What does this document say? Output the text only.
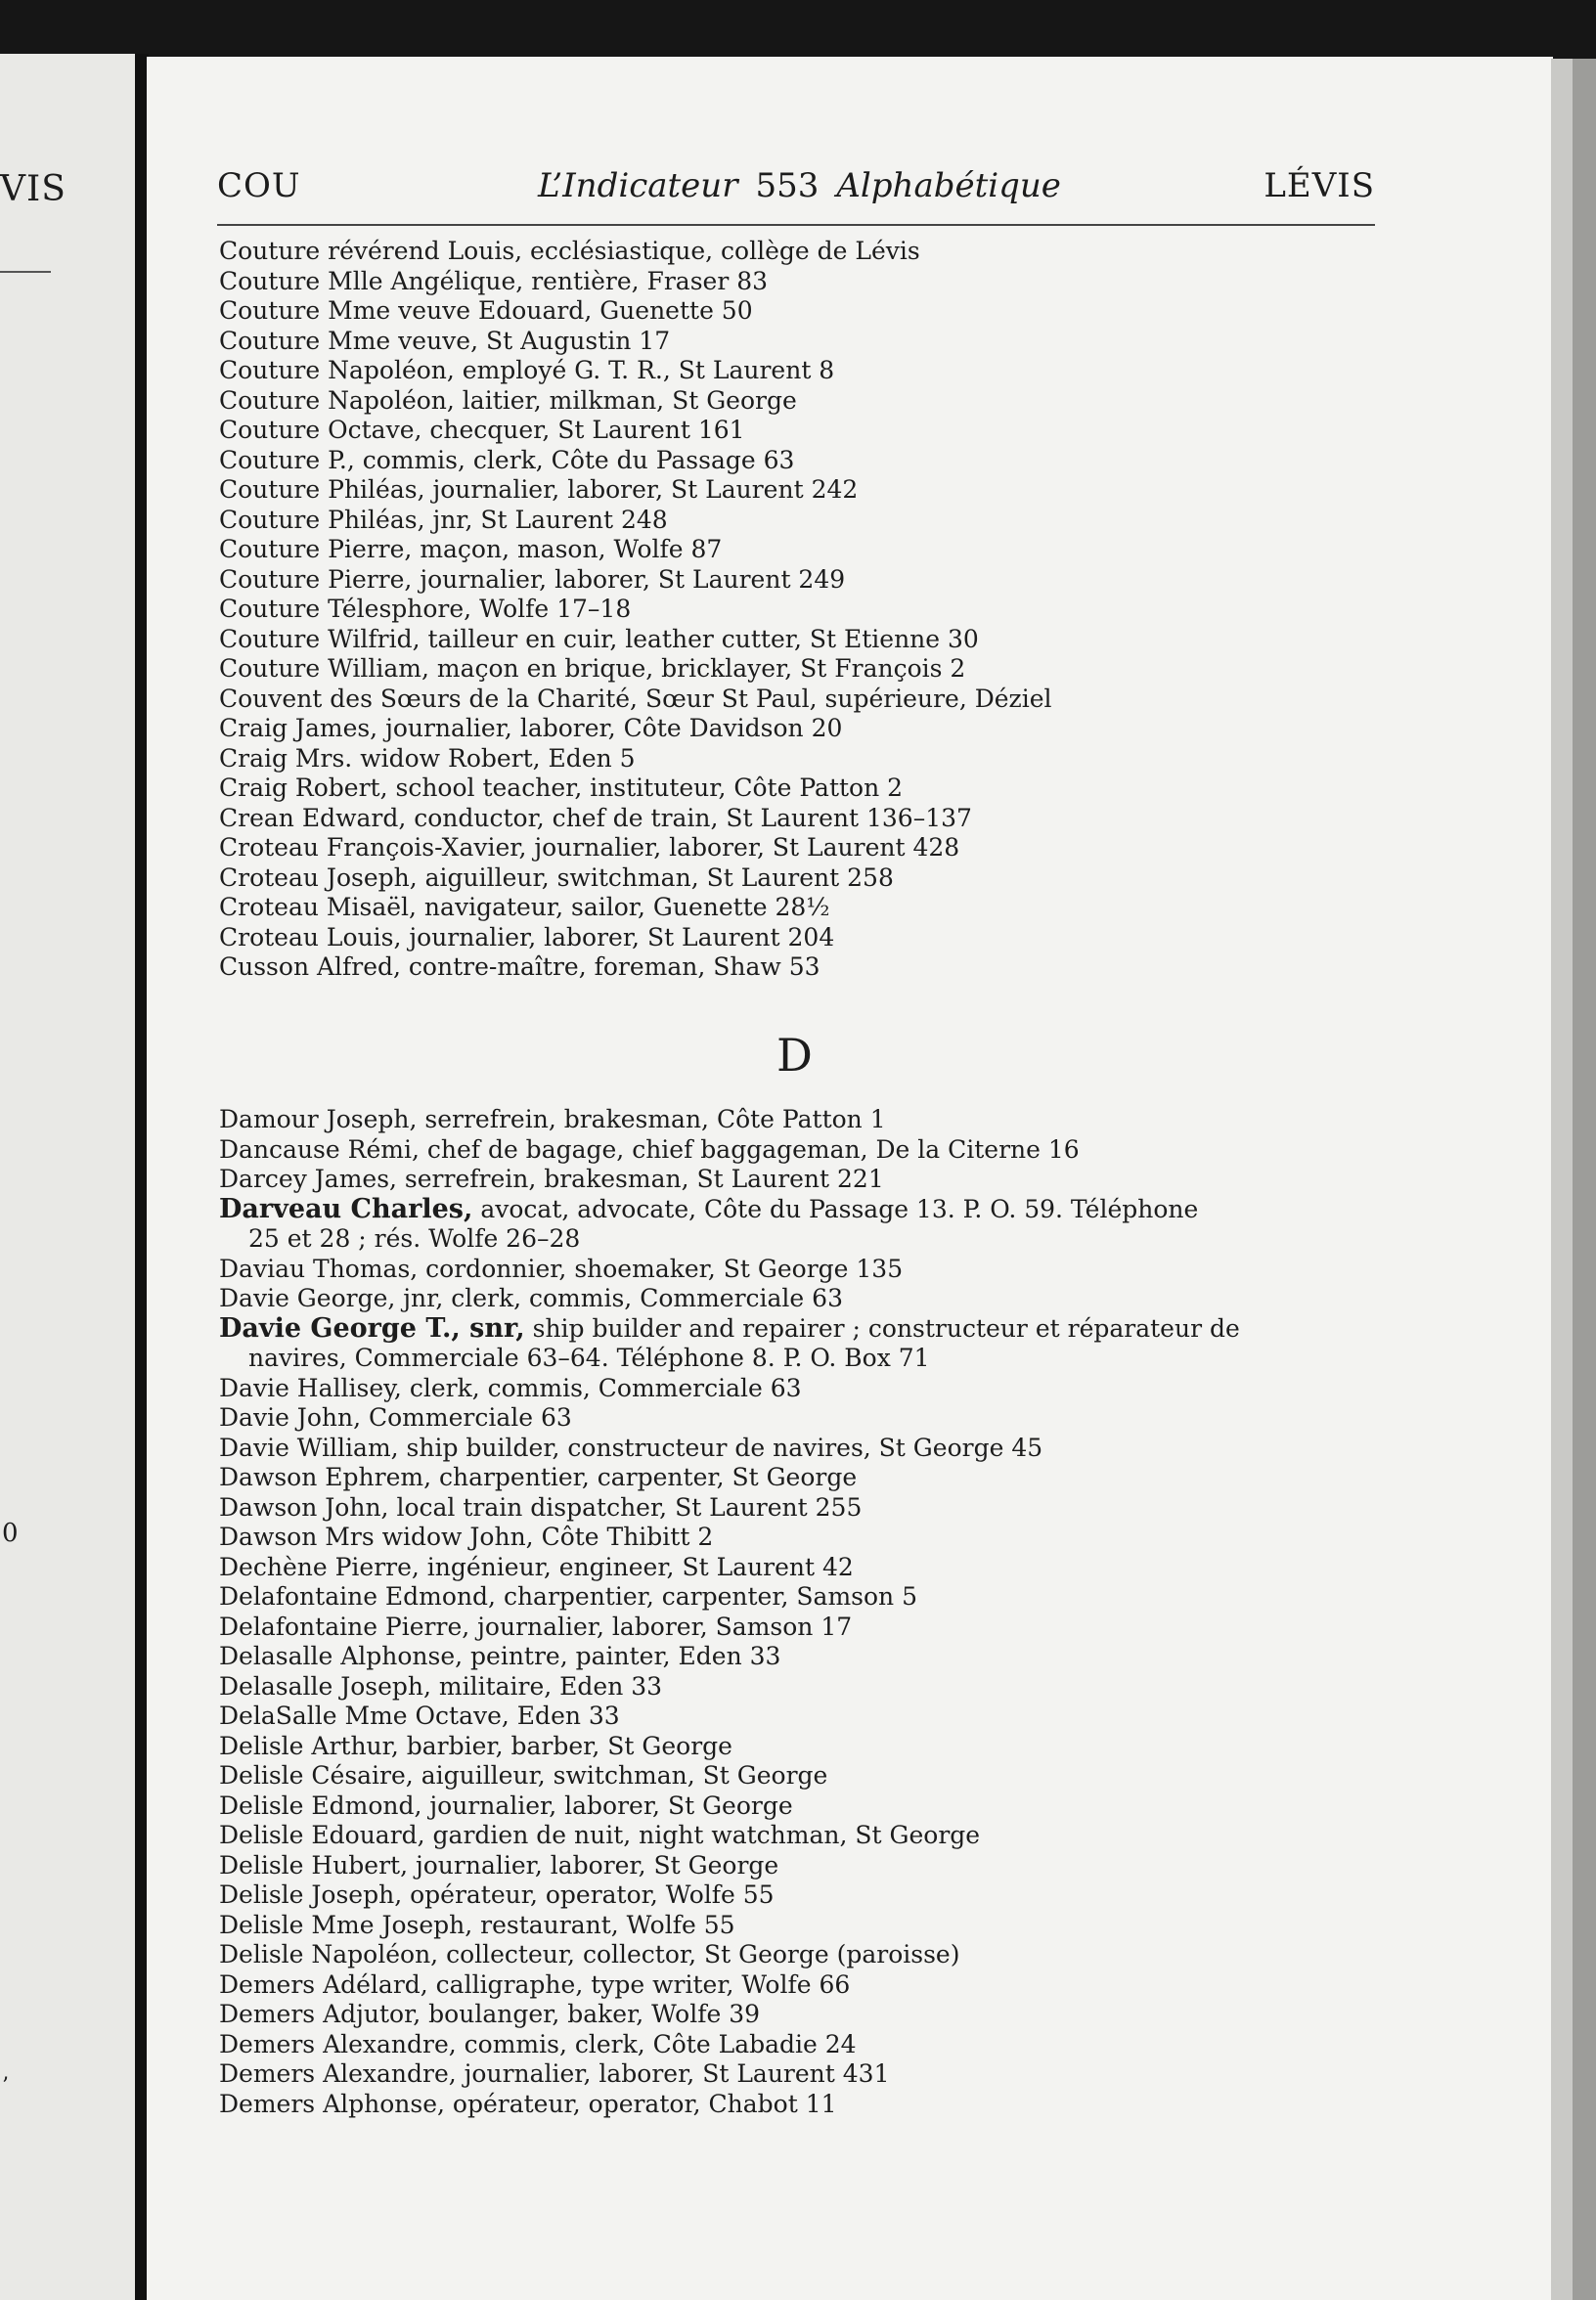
VIS
0
’
COU	L’Indicateur 553 Alphabétique	LÉVIS
Couture révérend Louis, ecclésiastique, collège de Lévis
Couture Mlle Angélique, rentière, Fraser 83
Couture Mme veuve Edouard, Guenette 50
Couture Mme veuve, St Augustin 17
Couture Napoléon, employé G. T. R., St Laurent 8
Couture Napoléon, laitier, milkman, St George
Couture Octave, checquer, St Laurent 161
Couture P., commis, clerk, Côte du Passage 63
Couture Philéas, journalier, laborer, St Laurent 242
Couture Philéas, jnr, St Laurent 248
Couture Pierre, maçon, mason, Wolfe 87
Couture Pierre, journalier, laborer, St Laurent 249
Couture Télesphore, Wolfe 17–18
Couture Wilfrid, tailleur en cuir, leather cutter, St Etienne 30
Couture William, maçon en brique, bricklayer, St François 2
Couvent des Sœurs de la Charité, Sœur St Paul, supérieure, Déziel
Craig James, journalier, laborer, Côte Davidson 20
Craig Mrs. widow Robert, Eden 5
Craig Robert, school teacher, instituteur, Côte Patton 2
Crean Edward, conductor, chef de train, St Laurent 136–137
Croteau François-Xavier, journalier, laborer, St Laurent 428
Croteau Joseph, aiguilleur, switchman, St Laurent 258
Croteau Misaël, navigateur, sailor, Guenette 28½
Croteau Louis, journalier, laborer, St Laurent 204
Cusson Alfred, contre-maître, foreman, Shaw 53
D
Damour Joseph, serrefrein, brakesman, Côte Patton 1
Dancause Rémi, chef de bagage, chief baggageman, De la Citerne 16
Darcey James, serrefrein, brakesman, St Laurent 221
Darveau Charles, avocat, advocate, Côte du Passage 13. P. O. 59. Téléphone
25 et 28 ; rés. Wolfe 26–28
Daviau Thomas, cordonnier, shoemaker, St George 135
Davie George, jnr, clerk, commis, Commerciale 63
Davie George T., snr, ship builder and repairer ; constructeur et réparateur de
navires, Commerciale 63–64. Téléphone 8. P. O. Box 71
Davie Hallisey, clerk, commis, Commerciale 63
Davie John, Commerciale 63
Davie William, ship builder, constructeur de navires, St George 45
Dawson Ephrem, charpentier, carpenter, St George
Dawson John, local train dispatcher, St Laurent 255
Dawson Mrs widow John, Côte Thibitt 2
Dechène Pierre, ingénieur, engineer, St Laurent 42
Delafontaine Edmond, charpentier, carpenter, Samson 5
Delafontaine Pierre, journalier, laborer, Samson 17
Delasalle Alphonse, peintre, painter, Eden 33
Delasalle Joseph, militaire, Eden 33
DelaSalle Mme Octave, Eden 33
Delisle Arthur, barbier, barber, St George
Delisle Césaire, aiguilleur, switchman, St George
Delisle Edmond, journalier, laborer, St George
Delisle Edouard, gardien de nuit, night watchman, St George
Delisle Hubert, journalier, laborer, St George
Delisle Joseph, opérateur, operator, Wolfe 55
Delisle Mme Joseph, restaurant, Wolfe 55
Delisle Napoléon, collecteur, collector, St George (paroisse)
Demers Adélard, calligraphe, type writer, Wolfe 66
Demers Adjutor, boulanger, baker, Wolfe 39
Demers Alexandre, commis, clerk, Côte Labadie 24
Demers Alexandre, journalier, laborer, St Laurent 431
Demers Alphonse, opérateur, operator, Chabot 11
